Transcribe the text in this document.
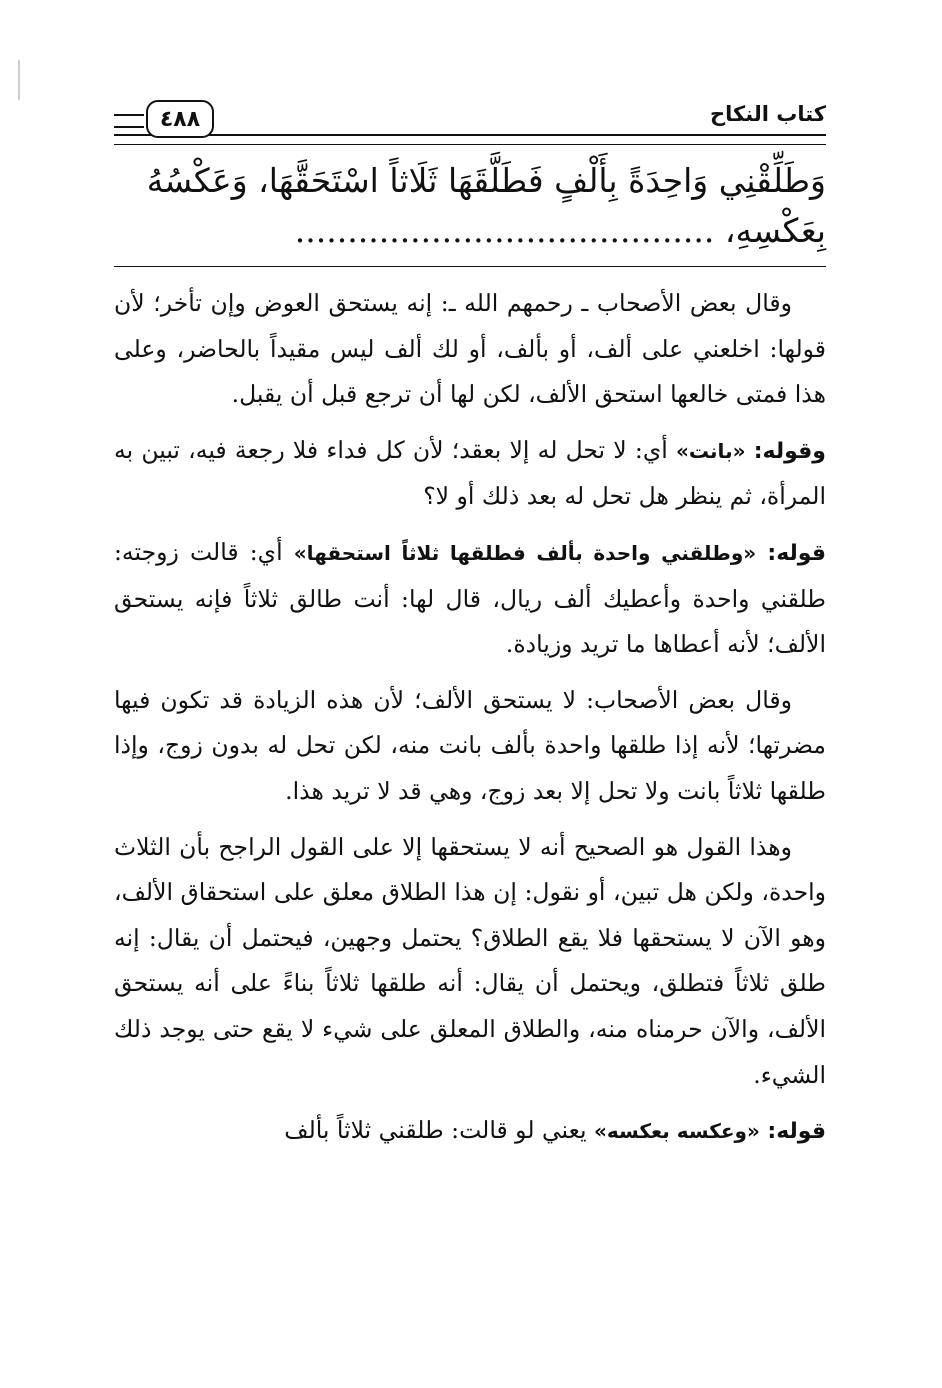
كتاب النكاح
٤٨٨

وَطَلِّقْنِي وَاحِدَةً بِأَلْفٍ فَطَلَّقَهَا ثَلَاثاً اسْتَحَقَّهَا، وَعَكْسُهُ

بِعَكْسِهِ، ........................................

وقال بعض الأصحاب ـ رحمهم الله ـ: إنه يستحق العوض وإن تأخر؛ لأن قولها: اخلعني على ألف، أو بألف، أو لك ألف ليس مقيداً بالحاضر، وعلى هذا فمتى خالعها استحق الألف، لكن لها أن ترجع قبل أن يقبل.

وقوله: «بانت» أي: لا تحل له إلا بعقد؛ لأن كل فداء فلا رجعة فيه، تبين به المرأة، ثم ينظر هل تحل له بعد ذلك أو لا؟

قوله: «وطلقني واحدة بألف فطلقها ثلاثاً استحقها» أي: قالت زوجته: طلقني واحدة وأعطيك ألف ريال، قال لها: أنت طالق ثلاثاً فإنه يستحق الألف؛ لأنه أعطاها ما تريد وزيادة.

وقال بعض الأصحاب: لا يستحق الألف؛ لأن هذه الزيادة قد تكون فيها مضرتها؛ لأنه إذا طلقها واحدة بألف بانت منه، لكن تحل له بدون زوج، وإذا طلقها ثلاثاً بانت ولا تحل إلا بعد زوج، وهي قد لا تريد هذا.

وهذا القول هو الصحيح أنه لا يستحقها إلا على القول الراجح بأن الثلاث واحدة، ولكن هل تبين، أو نقول: إن هذا الطلاق معلق على استحقاق الألف، وهو الآن لا يستحقها فلا يقع الطلاق؟ يحتمل وجهين، فيحتمل أن يقال: إنه طلق ثلاثاً فتطلق، ويحتمل أن يقال: أنه طلقها ثلاثاً بناءً على أنه يستحق الألف، والآن حرمناه منه، والطلاق المعلق على شيء لا يقع حتى يوجد ذلك الشيء.

قوله: «وعكسه بعكسه» يعني لو قالت: طلقني ثلاثاً بألف
